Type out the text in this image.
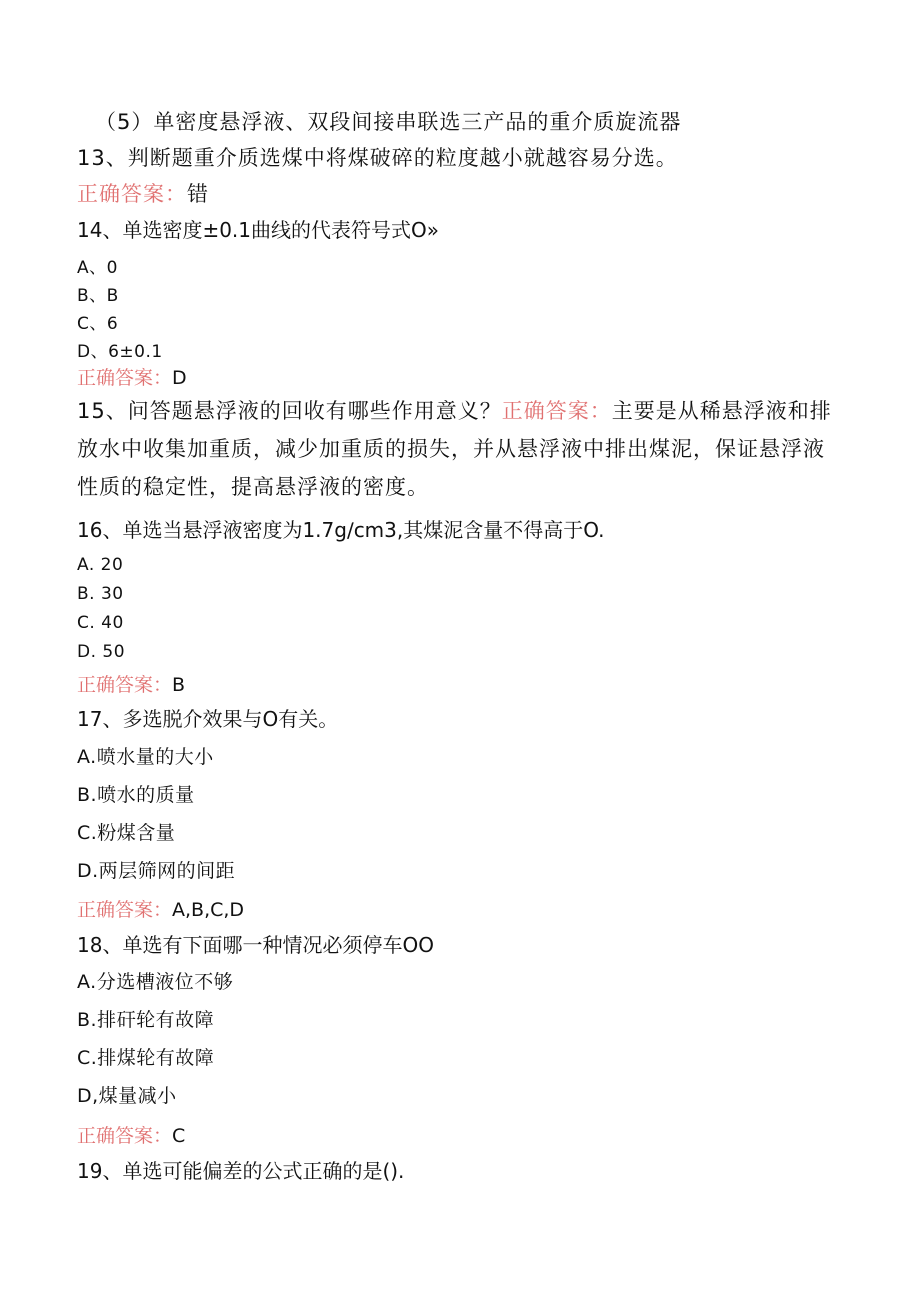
（5）单密度悬浮液、双段间接串联选三产品的重介质旋流器
13、判断题重介质选煤中将煤破碎的粒度越小就越容易分选。
正确答案：错
14、单选密度±0.1曲线的代表符号式O»
A、0
B、B
C、6
D、6±0.1
正确答案：D
15、问答题悬浮液的回收有哪些作用意义？正确答案：主要是从稀悬浮液和排
放水中收集加重质，减少加重质的损失，并从悬浮液中排出煤泥，保证悬浮液
性质的稳定性，提高悬浮液的密度。
16、单选当悬浮液密度为1.7g∕cm3,其煤泥含量不得高于O.
A. 20
B. 30
C. 40
D. 50
正确答案：B
17、多选脱介效果与O有关。
A.喷水量的大小
B.喷水的质量
C.粉煤含量
D.两层筛网的间距
正确答案：A,B,C,D
18、单选有下面哪一种情况必须停车OO
A.分选槽液位不够
B.排矸轮有故障
C.排煤轮有故障
D,煤量减小
正确答案：C
19、单选可能偏差的公式正确的是().
